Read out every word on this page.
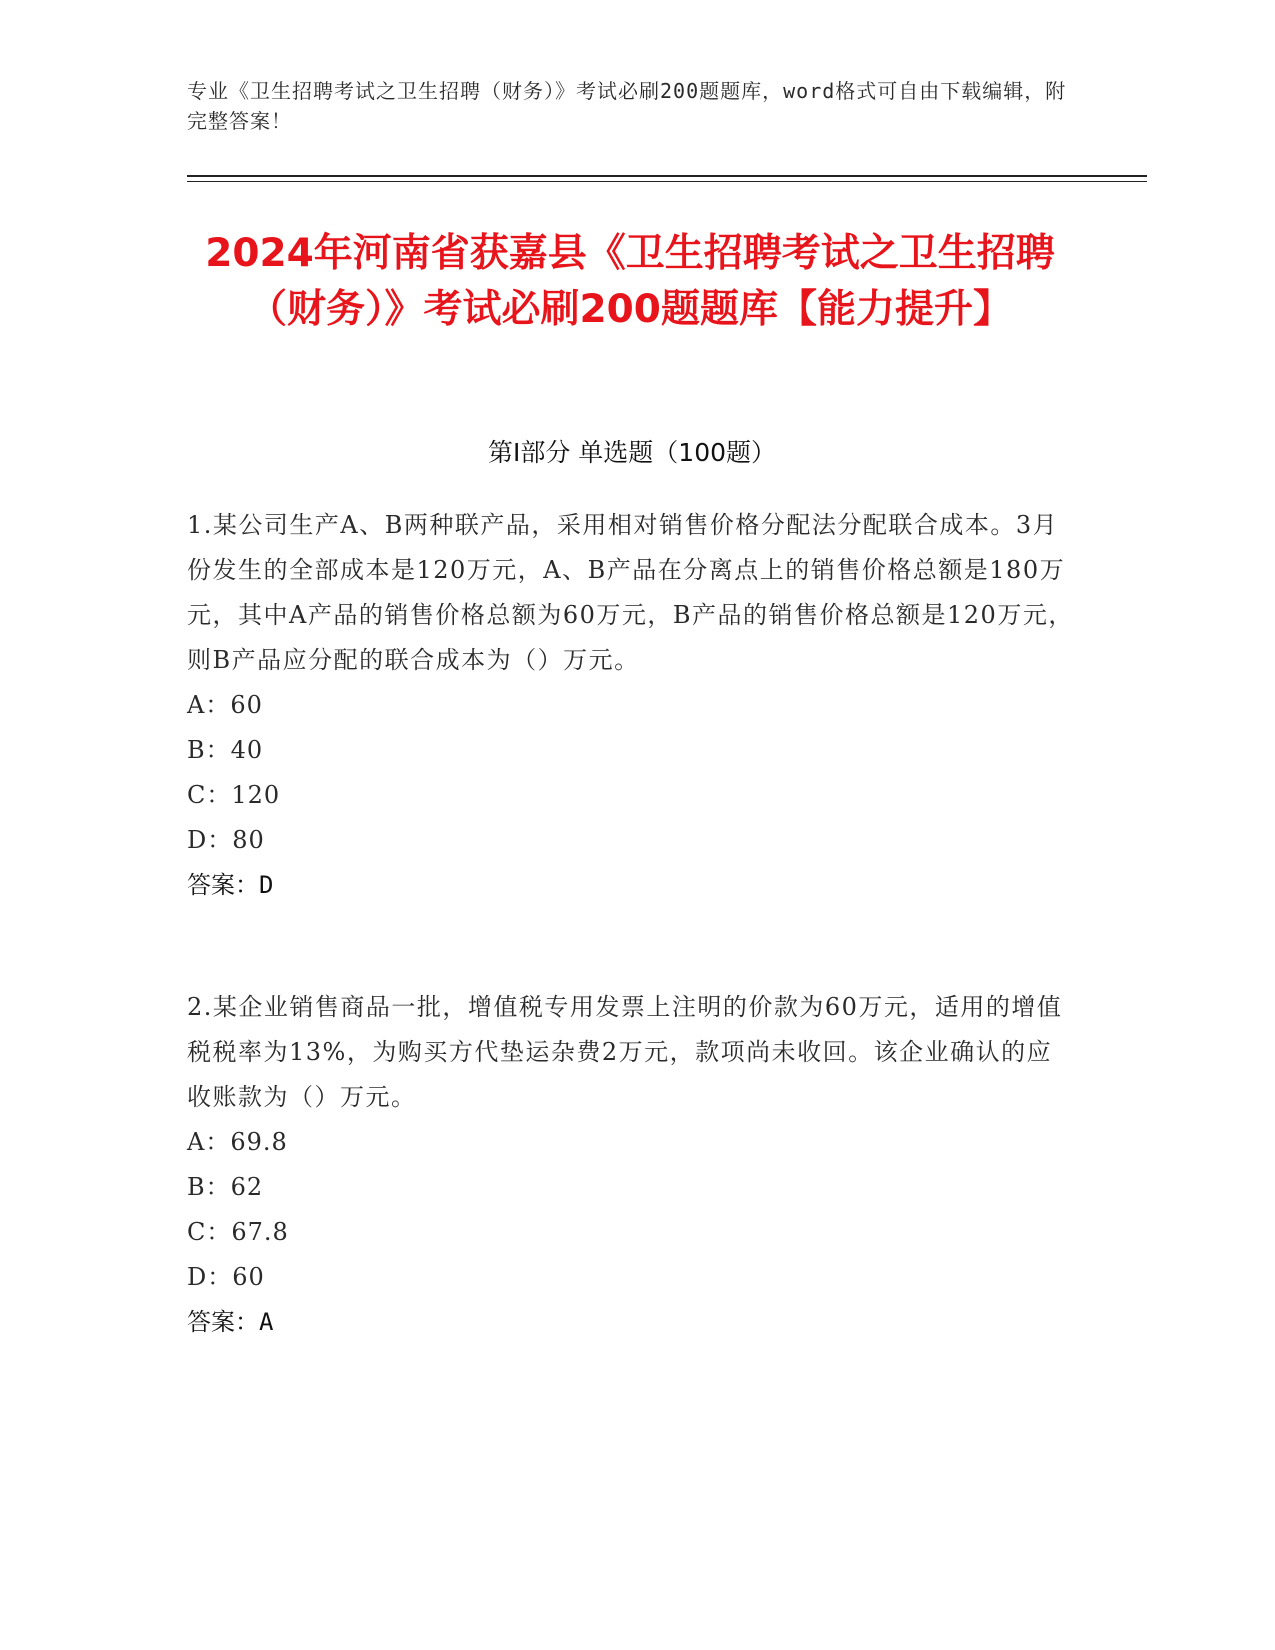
专业《卫生招聘考试之卫生招聘（财务）》考试必刷200题题库，word格式可自由下载编辑，附完整答案！
2024年河南省获嘉县《卫生招聘考试之卫生招聘（财务）》考试必刷200题题库【能力提升】
第I部分 单选题（100题）

1.某公司生产A、B两种联产品，采用相对销售价格分配法分配联合成本。3月份发生的全部成本是120万元，A、B产品在分离点上的销售价格总额是180万元，其中A产品的销售价格总额为60万元，B产品的销售价格总额是120万元，则B产品应分配的联合成本为（）万元。

A：60

B：40

C：120

D：80

答案：D

2.某企业销售商品一批，增值税专用发票上注明的价款为60万元，适用的增值税税率为13%，为购买方代垫运杂费2万元，款项尚未收回。该企业确认的应收账款为（）万元。

A：69.8

B：62

C：67.8

D：60

答案：A
